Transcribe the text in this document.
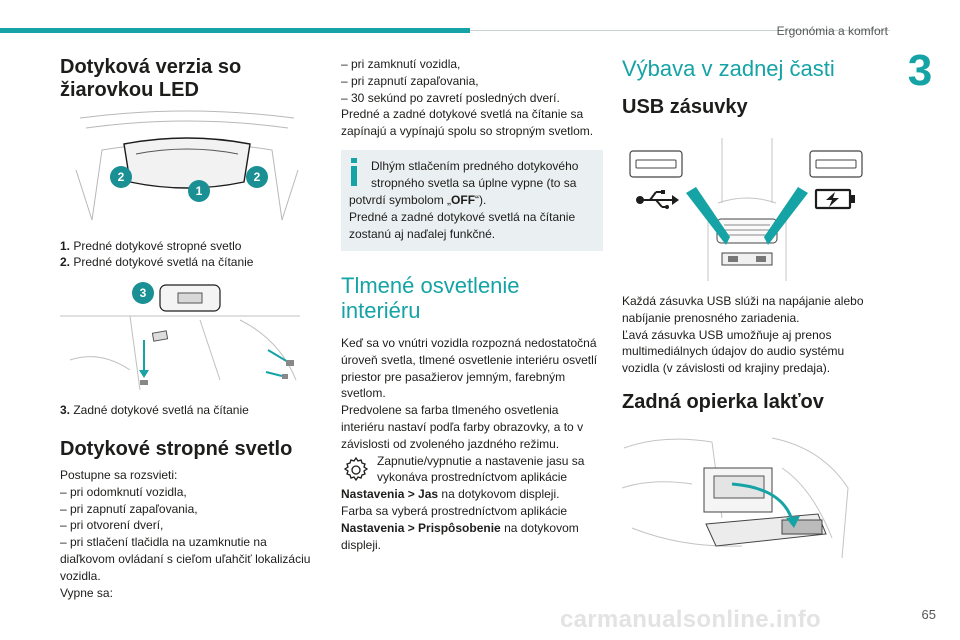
Ergonómia a komfort
3
Dotyková verzia so žiarovkou LED
2
1
2
1. Predné dotykové stropné svetlo
2. Predné dotykové svetlá na čítanie
3
3. Zadné dotykové svetlá na čítanie
Dotykové stropné svetlo
Postupne sa rozsvieti:
– pri odomknutí vozidla,
– pri zapnutí zapaľovania,
– pri otvorení dverí,
– pri stlačení tlačidla na uzamknutie na
diaľkovom ovládaní s cieľom uľahčiť lokalizáciu
vozidla.
Vypne sa:
– pri zamknutí vozidla,
– pri zapnutí zapaľovania,
– 30 sekúnd po zavretí posledných dverí.
Predné a zadné dotykové svetlá na čítanie sa
zapínajú a vypínajú spolu so stropným svetlom.
Dlhým stlačením predného dotykového
stropného svetla sa úplne vypne (to sa
potvrdí symbolom „OFF“).
Predné a zadné dotykové svetlá na čítanie
zostanú aj naďalej funkčné.
Tlmené osvetlenie interiéru
Keď sa vo vnútri vozidla rozpozná nedostatočná
úroveň svetla, tlmené osvetlenie interiéru osvetlí
priestor pre pasažierov jemným, farebným
svetlom.
Predvolene sa farba tlmeného osvetlenia
interiéru nastaví podľa farby obrazovky, a to v
závislosti od zvoleného jazdného režimu.
Zapnutie/vypnutie a nastavenie jasu sa
vykonáva prostredníctvom aplikácie
Nastavenia > Jas na dotykovom displeji.
Farba sa vyberá prostredníctvom aplikácie
Nastavenia > Prispôsobenie na dotykovom
displeji.
Výbava v zadnej časti
USB zásuvky
Každá zásuvka USB slúži na napájanie alebo
nabíjanie prenosného zariadenia.
Ľavá zásuvka USB umožňuje aj prenos
multimediálnych údajov do audio systému
vozidla (v závislosti od krajiny predaja).
Zadná opierka lakťov
carmanualsonline.info	65
